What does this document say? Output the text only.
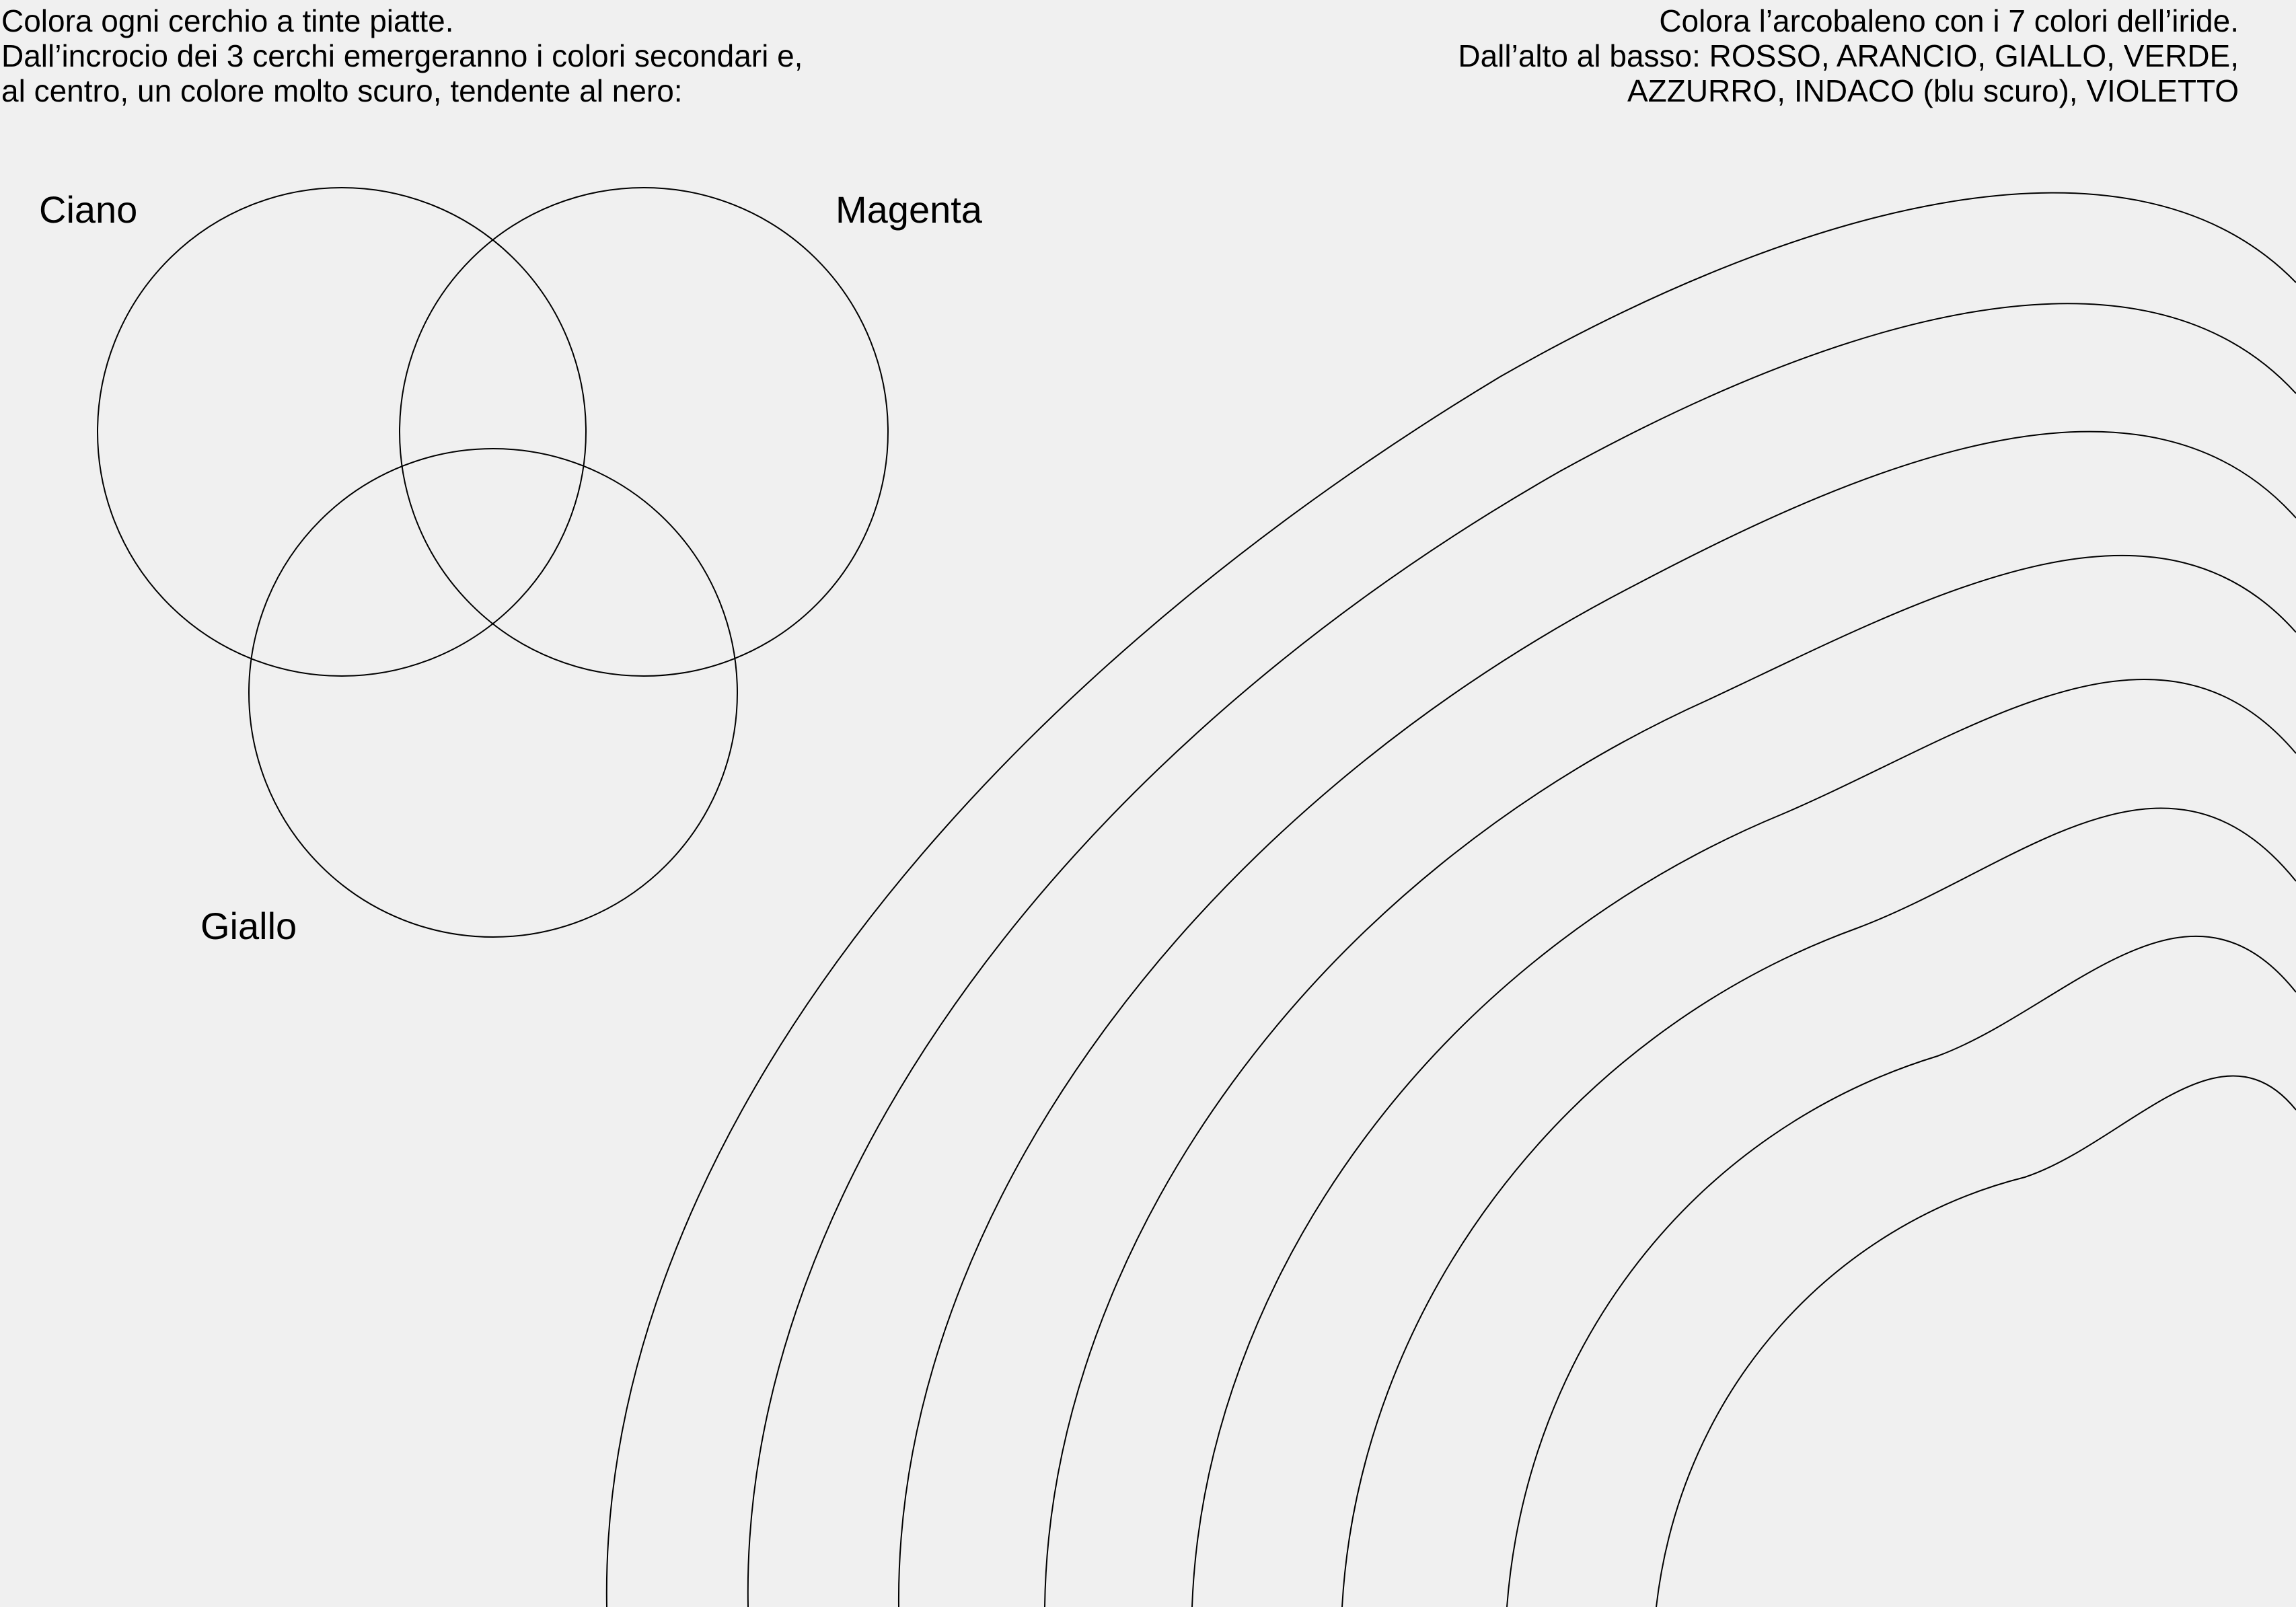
Colora ogni cerchio a tinte piatte.
Dall’incrocio dei 3 cerchi emergeranno i colori secondari e,
al centro, un colore molto scuro, tendente al nero:
Colora l’arcobaleno con i 7 colori dell’iride.
Dall’alto al basso: ROSSO, ARANCIO, GIALLO, VERDE,
AZZURRO, INDACO (blu scuro), VIOLETTO
Ciano	Magenta
Giallo
